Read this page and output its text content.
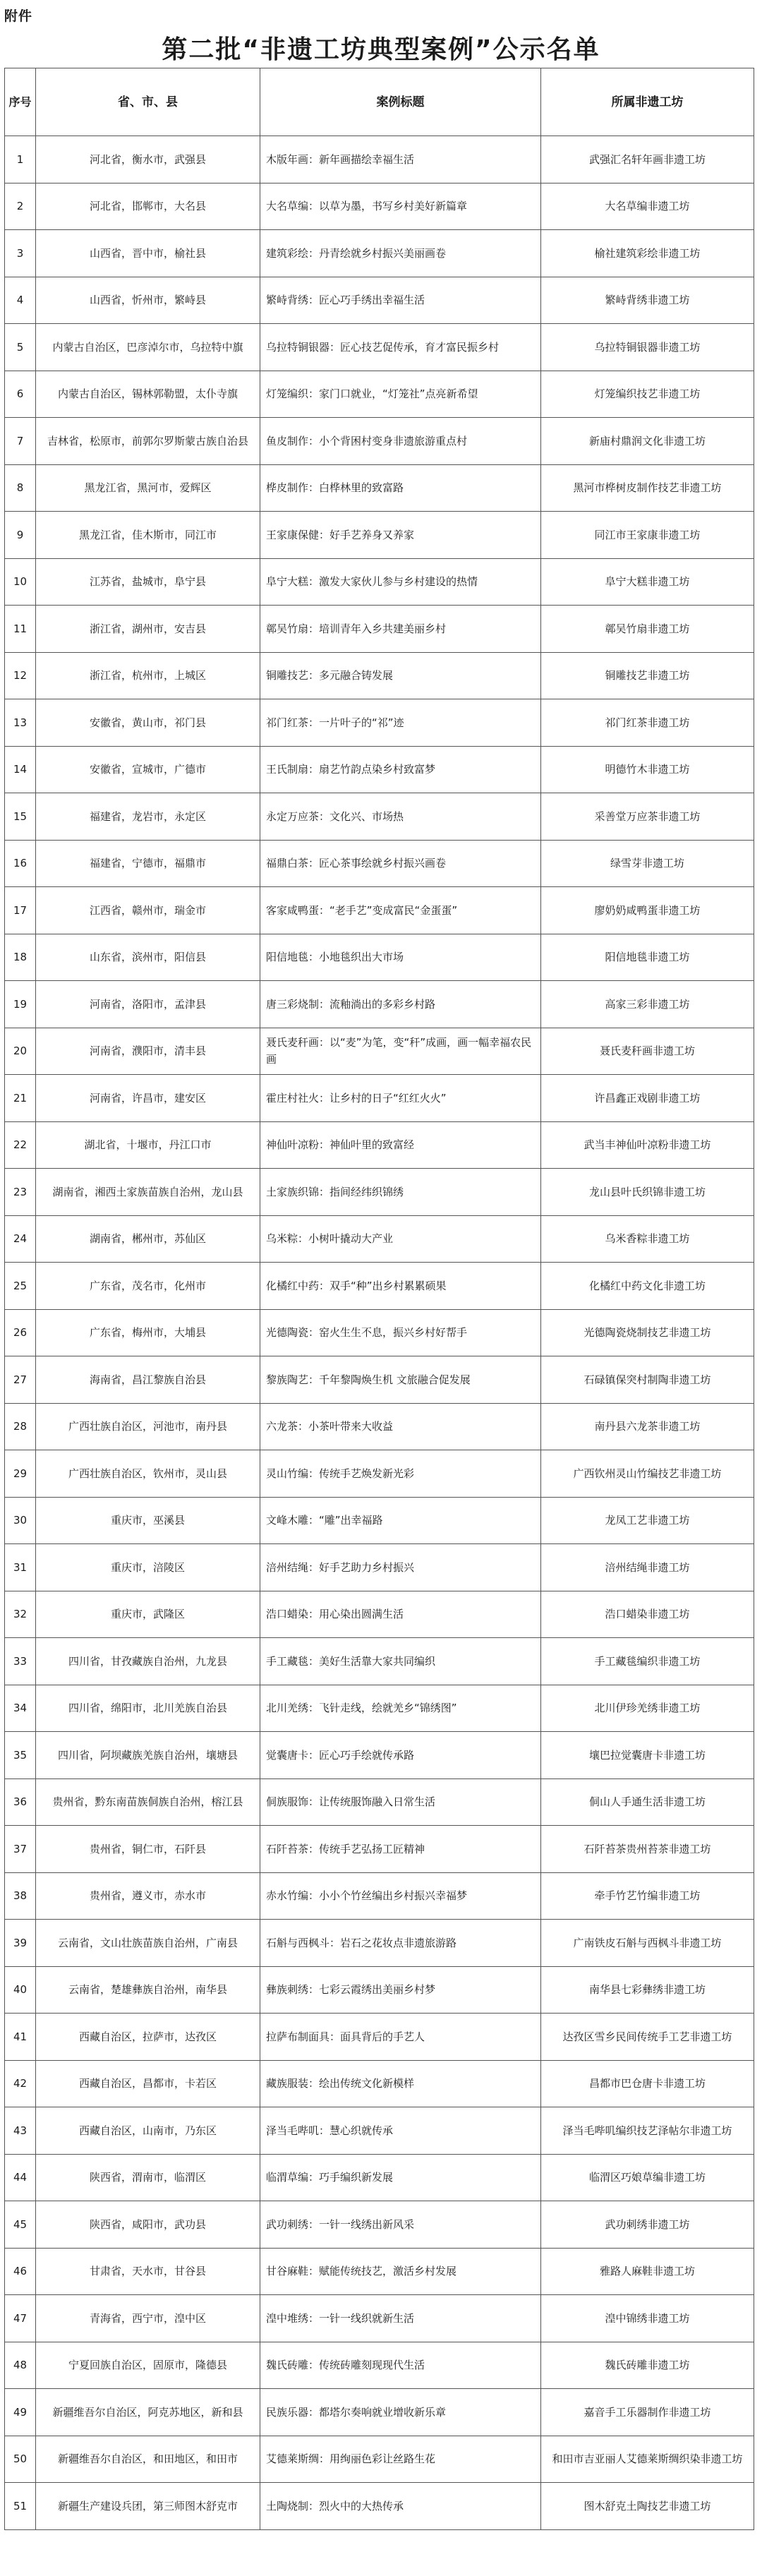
附件
第二批“非遗工坊典型案例”公示名单
序号	省、市、县	案例标题	所属非遗工坊
1	河北省，衡水市，武强县	木版年画：新年画描绘幸福生活	武强汇名轩年画非遗工坊
2	河北省，邯郸市，大名县	大名草编：以草为墨，书写乡村美好新篇章	大名草编非遗工坊
3	山西省，晋中市，榆社县	建筑彩绘：丹青绘就乡村振兴美丽画卷	榆社建筑彩绘非遗工坊
4	山西省，忻州市，繁峙县	繁峙背绣：匠心巧手绣出幸福生活	繁峙背绣非遗工坊
5	内蒙古自治区，巴彦淖尔市，乌拉特中旗	乌拉特铜银器：匠心技艺促传承，育才富民振乡村	乌拉特铜银器非遗工坊
6	内蒙古自治区，锡林郭勒盟，太仆寺旗	灯笼编织：家门口就业，“灯笼社”点亮新希望	灯笼编织技艺非遗工坊
7	吉林省，松原市，前郭尔罗斯蒙古族自治县	鱼皮制作：小个背困村变身非遗旅游重点村	新庙村鼎润文化非遗工坊
8	黑龙江省，黑河市，爱辉区	桦皮制作：白桦林里的致富路	黑河市桦树皮制作技艺非遗工坊
9	黑龙江省，佳木斯市，同江市	王家康保健：好手艺养身又养家	同江市王家康非遗工坊
10	江苏省，盐城市，阜宁县	阜宁大糕：激发大家伙儿参与乡村建设的热情	阜宁大糕非遗工坊
11	浙江省，湖州市，安吉县	鄣吴竹扇：培训青年入乡共建美丽乡村	鄣吴竹扇非遗工坊
12	浙江省，杭州市，上城区	铜雕技艺：多元融合铸发展	铜雕技艺非遗工坊
13	安徽省，黄山市，祁门县	祁门红茶：一片叶子的“祁”迹	祁门红茶非遗工坊
14	安徽省，宣城市，广德市	王氏制扇：扇艺竹韵点染乡村致富梦	明德竹木非遗工坊
15	福建省，龙岩市，永定区	永定万应茶：文化兴、市场热	采善堂万应茶非遗工坊
16	福建省，宁德市，福鼎市	福鼎白茶：匠心茶事绘就乡村振兴画卷	绿雪芽非遗工坊
17	江西省，赣州市，瑞金市	客家咸鸭蛋：“老手艺”变成富民“金蛋蛋”	廖奶奶咸鸭蛋非遗工坊
18	山东省，滨州市，阳信县	阳信地毯：小地毯织出大市场	阳信地毯非遗工坊
19	河南省，洛阳市，孟津县	唐三彩烧制：流釉淌出的多彩乡村路	高家三彩非遗工坊
20	河南省，濮阳市，清丰县	聂氏麦秆画：以“麦”为笔，变“秆”成画，画一幅幸福农民画	聂氏麦秆画非遗工坊
21	河南省，许昌市，建安区	霍庄村社火：让乡村的日子“红红火火”	许昌鑫正戏剧非遗工坊
22	湖北省，十堰市，丹江口市	神仙叶凉粉：神仙叶里的致富经	武当丰神仙叶凉粉非遗工坊
23	湖南省，湘西土家族苗族自治州，龙山县	土家族织锦：指间经纬织锦绣	龙山县叶氏织锦非遗工坊
24	湖南省，郴州市，苏仙区	乌米粽：小树叶撬动大产业	乌米香粽非遗工坊
25	广东省，茂名市，化州市	化橘红中药：双手“种”出乡村累累硕果	化橘红中药文化非遗工坊
26	广东省，梅州市，大埔县	光德陶瓷：窑火生生不息，振兴乡村好帮手	光德陶瓷烧制技艺非遗工坊
27	海南省，昌江黎族自治县	黎族陶艺：千年黎陶焕生机 文旅融合促发展	石碌镇保突村制陶非遗工坊
28	广西壮族自治区，河池市，南丹县	六龙茶：小茶叶带来大收益	南丹县六龙茶非遗工坊
29	广西壮族自治区，钦州市，灵山县	灵山竹编：传统手艺焕发新光彩	广西钦州灵山竹编技艺非遗工坊
30	重庆市，巫溪县	文峰木雕：“雕”出幸福路	龙凤工艺非遗工坊
31	重庆市，涪陵区	涪州结绳：好手艺助力乡村振兴	涪州结绳非遗工坊
32	重庆市，武隆区	浩口蜡染：用心染出圆满生活	浩口蜡染非遗工坊
33	四川省，甘孜藏族自治州，九龙县	手工藏毯：美好生活靠大家共同编织	手工藏毯编织非遗工坊
34	四川省，绵阳市，北川羌族自治县	北川羌绣：飞针走线，绘就羌乡“锦绣图”	北川伊珍羌绣非遗工坊
35	四川省，阿坝藏族羌族自治州，壤塘县	觉囊唐卡：匠心巧手绘就传承路	壤巴拉觉囊唐卡非遗工坊
36	贵州省，黔东南苗族侗族自治州，榕江县	侗族服饰：让传统服饰融入日常生活	侗山人手通生活非遗工坊
37	贵州省，铜仁市，石阡县	石阡苔茶：传统手艺弘扬工匠精神	石阡苔茶贵州苔茶非遗工坊
38	贵州省，遵义市，赤水市	赤水竹编：小小个竹丝编出乡村振兴幸福梦	牵手竹艺竹编非遗工坊
39	云南省，文山壮族苗族自治州，广南县	石斛与西枫斗：岩石之花妆点非遗旅游路	广南铁皮石斛与西枫斗非遗工坊
40	云南省，楚雄彝族自治州，南华县	彝族刺绣：七彩云霞绣出美丽乡村梦	南华县七彩彝绣非遗工坊
41	西藏自治区，拉萨市，达孜区	拉萨布制面具：面具背后的手艺人	达孜区雪乡民间传统手工艺非遗工坊
42	西藏自治区，昌都市，卡若区	藏族服装：绘出传统文化新模样	昌都市巴仓唐卡非遗工坊
43	西藏自治区，山南市，乃东区	泽当毛哔叽：慧心织就传承	泽当毛哔叽编织技艺泽帖尔非遗工坊
44	陕西省，渭南市，临渭区	临渭草编：巧手编织新发展	临渭区巧娘草编非遗工坊
45	陕西省，咸阳市，武功县	武功刺绣：一针一线绣出新风采	武功刺绣非遗工坊
46	甘肃省，天水市，甘谷县	甘谷麻鞋：赋能传统技艺，激活乡村发展	雅路人麻鞋非遗工坊
47	青海省，西宁市，湟中区	湟中堆绣：一针一线织就新生活	湟中锦绣非遗工坊
48	宁夏回族自治区，固原市，隆德县	魏氏砖雕：传统砖雕刻现现代生活	魏氏砖雕非遗工坊
49	新疆维吾尔自治区，阿克苏地区，新和县	民族乐器：都塔尔奏响就业增收新乐章	嘉音手工乐器制作非遗工坊
50	新疆维吾尔自治区，和田地区，和田市	艾德莱斯绸：用绚丽色彩让丝路生花	和田市吉亚丽人艾德莱斯绸织染非遗工坊
51	新疆生产建设兵团，第三师图木舒克市	土陶烧制：烈火中的大热传承	图木舒克土陶技艺非遗工坊
